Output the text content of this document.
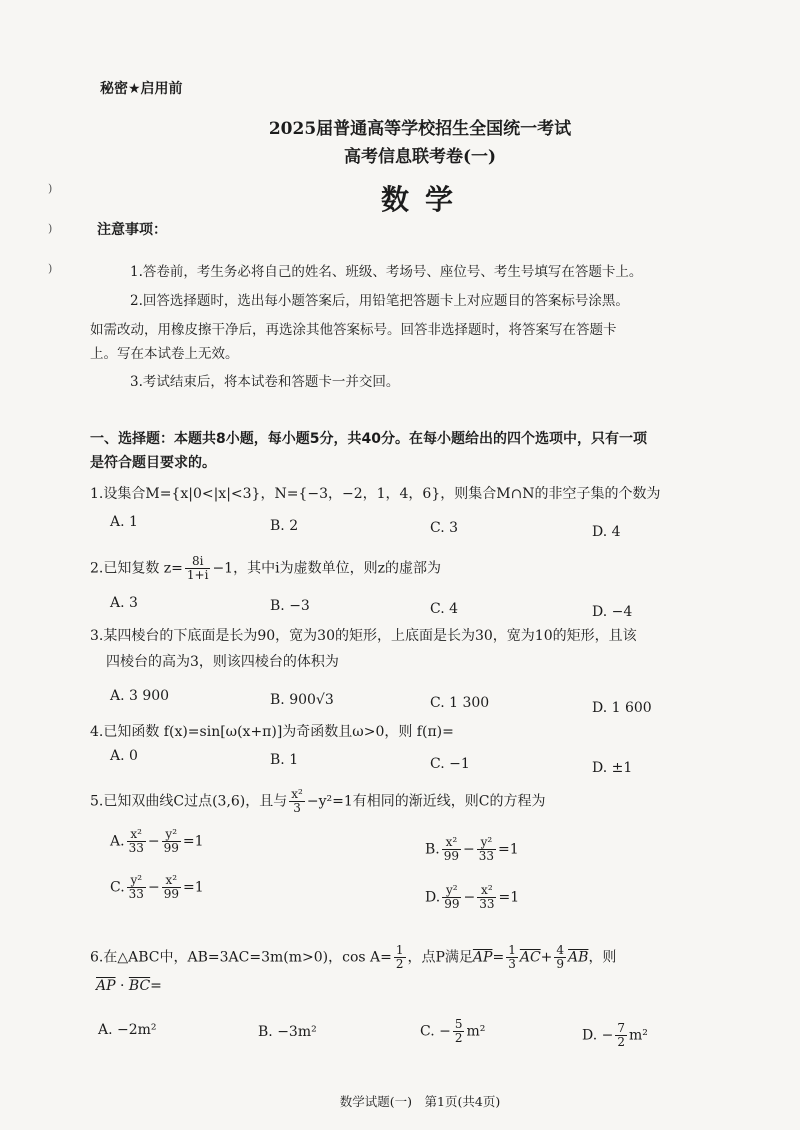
)
)
)
秘密★启用前
2025届普通高等学校招生全国统一考试
高考信息联考卷(一)
数学
注意事项：
1.答卷前，考生务必将自己的姓名、班级、考场号、座位号、考生号填写在答题卡上。
2.回答选择题时，选出每小题答案后，用铅笔把答题卡上对应题目的答案标号涂黑。
如需改动，用橡皮擦干净后，再选涂其他答案标号。回答非选择题时，将答案写在答题卡
上。写在本试卷上无效。
3.考试结束后，将本试卷和答题卡一并交回。
一、选择题：本题共8小题，每小题5分，共40分。在每小题给出的四个选项中，只有一项
是符合题目要求的。
1.设集合M={x|0<|x|<3}，N={−3，−2，1，4，6}，则集合M∩N的非空子集的个数为
A. 1	B. 2	C. 3	D. 4
2.已知复数 $z= \frac{8i}{1+i} -1$，其中i为虚数单位，则z的虚部为
A. 3	B. −3	C. 4	D. −4
3.某四棱台的下底面是长为90，宽为30的矩形，上底面是长为30，宽为10的矩形，且该
四棱台的高为3，则该四棱台的体积为
A. 3 900	B. 900√3	C. 1 300	D. 1 600
4.已知函数 f(x)=sin[ω(x+π)]为奇函数且ω>0，则 f(π)=
A. 0	B. 1	C. −1	D. ±1
5.已知双曲线C过点(3,6)，且与 $\frac{\text{x²}}{3} -y^2=1$有相同的渐近线，则C的方程为
A. $\frac{\text{x²}}{33} - \frac{\text{y²}}{99} =1$	B. $\frac{\text{x²}}{99} - \frac{\text{y²}}{33} =1$
C. $\frac{\text{y²}}{33} - \frac{\text{x²}}{99} =1$
D. $\frac{\text{y²}}{99} - \frac{\text{x²}}{33} =1$
6.在△ABC中，AB=3AC=3m(m>0)，$\cos A= \frac{1}{2}$ ，点P满足$\overline{AP}= \frac{1}{3} \overline{AC}+ \frac{4}{9} \overline{AB}$，则
$\overline{AP} \cdot \overline{BC}=$
A. −2m²	B. −3m²	C. − $\frac{5}{2} m^2$	D. − $\frac{7}{2} m^2$
数学试题(一)　第1页(共4页)
